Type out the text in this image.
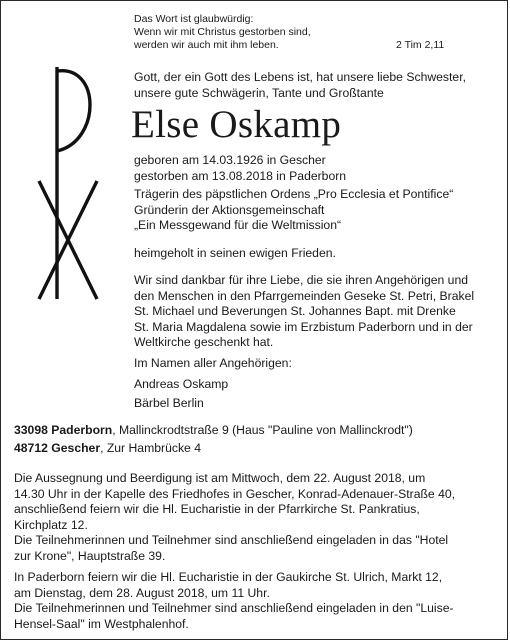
Das Wort ist glaubwürdig:
Wenn wir mit Christus gestorben sind,
werden wir auch mit ihm leben.	2 Tim 2,11
Gott, der ein Gott des Lebens ist, hat unsere liebe Schwester,
unsere gute Schwägerin, Tante und Großtante
Else Oskamp
geboren am 14.03.1926 in Gescher
gestorben am 13.08.2018 in Paderborn
Trägerin des päpstlichen Ordens „Pro Ecclesia et Pontifice“
Gründerin der Aktionsgemeinschaft
„Ein Messgewand für die Weltmission“
heimgeholt in seinen ewigen Frieden.
Wir sind dankbar für ihre Liebe, die sie ihren Angehörigen und
den Menschen in den Pfarrgemeinden Geseke St. Petri, Brakel
St. Michael und Beverungen St. Johannes Bapt. mit Drenke
St. Maria Magdalena sowie im Erzbistum Paderborn und in der
Weltkirche geschenkt hat.
Im Namen aller Angehörigen:
Andreas Oskamp
Bärbel Berlin
33098 Paderborn, Mallinckrodtstraße 9 (Haus "Pauline von Mallinckrodt")
48712 Gescher, Zur Hambrücke 4
Die Aussegnung und Beerdigung ist am Mittwoch, dem 22. August 2018, um
14.30 Uhr in der Kapelle des Friedhofes in Gescher, Konrad-Adenauer-Straße 40,
anschließend feiern wir die Hl. Eucharistie in der Pfarrkirche St. Pankratius,
Kirchplatz 12.
Die Teilnehmerinnen und Teilnehmer sind anschließend eingeladen in das "Hotel
zur Krone", Hauptstraße 39.
In Paderborn feiern wir die Hl. Eucharistie in der Gaukirche St. Ulrich, Markt 12,
am Dienstag, dem 28. August 2018, um 11 Uhr.
Die Teilnehmerinnen und Teilnehmer sind anschließend eingeladen in den "Luise-
Hensel-Saal" im Westphalenhof.
